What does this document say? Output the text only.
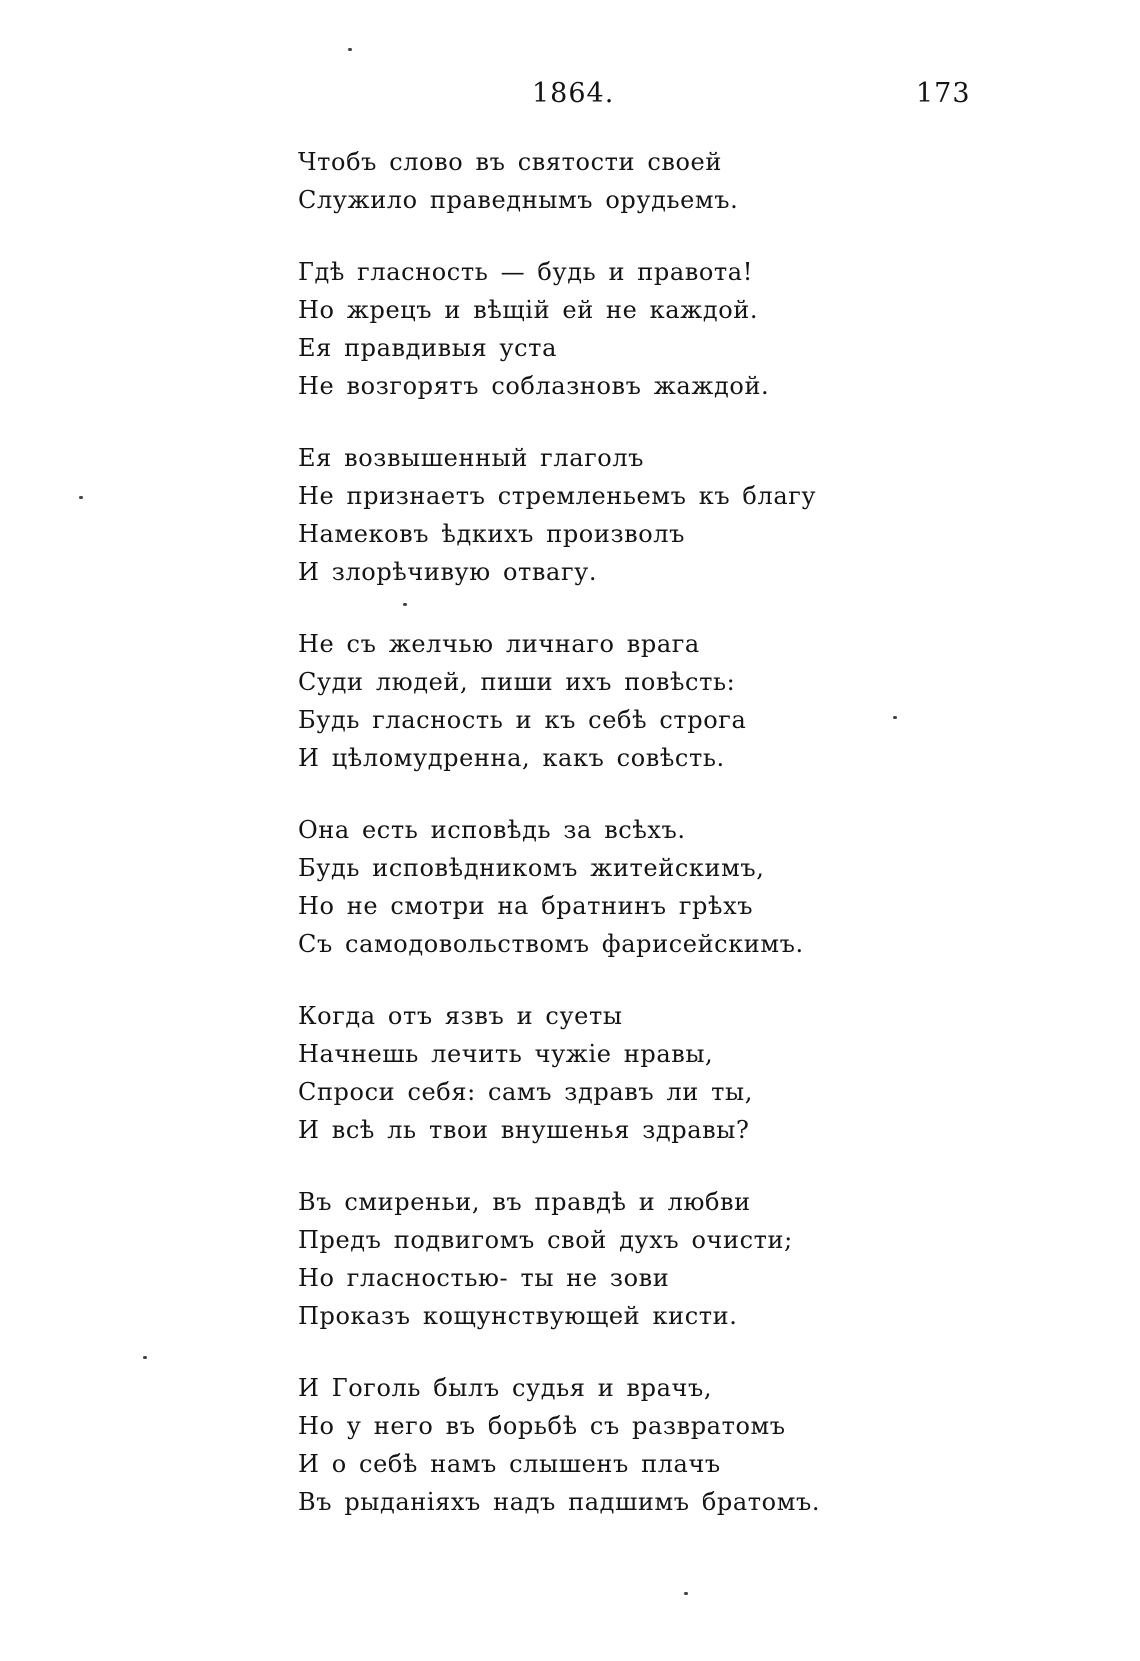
1864.	173
Чтобъ слово въ святости своей
Служило праведнымъ орудьемъ.
Гдѣ гласность — будь и правота!
Но жрецъ и вѣщій ей не каждой.
Ея правдивыя уста
Не возгорятъ соблазновъ жаждой.
Ея возвышенный глаголъ
Не признаетъ стремленьемъ къ благу
Намековъ ѣдкихъ произволъ
И злорѣчивую отвагу.
Не съ желчью личнаго врага
Суди людей, пиши ихъ повѣсть:
Будь гласность и къ себѣ строга
И цѣломудренна, какъ совѣсть.
Она есть исповѣдь за всѣхъ.
Будь исповѣдникомъ житейскимъ,
Но не смотри на братнинъ грѣхъ
Съ самодовольствомъ фарисейскимъ.
Когда отъ язвъ и суеты
Начнешь лечить чужіе нравы,
Спроси себя: самъ здравъ ли ты,
И всѣ ль твои внушенья здравы?
Въ смиреньи, въ правдѣ и любви
Предъ подвигомъ свой духъ очисти;
Но гласностью- ты не зови
Проказъ кощунствующей кисти.
И Гоголь былъ судья и врачъ,
Но у него въ борьбѣ съ развратомъ
И о себѣ намъ слышенъ плачъ
Въ рыданіяхъ надъ падшимъ братомъ.
